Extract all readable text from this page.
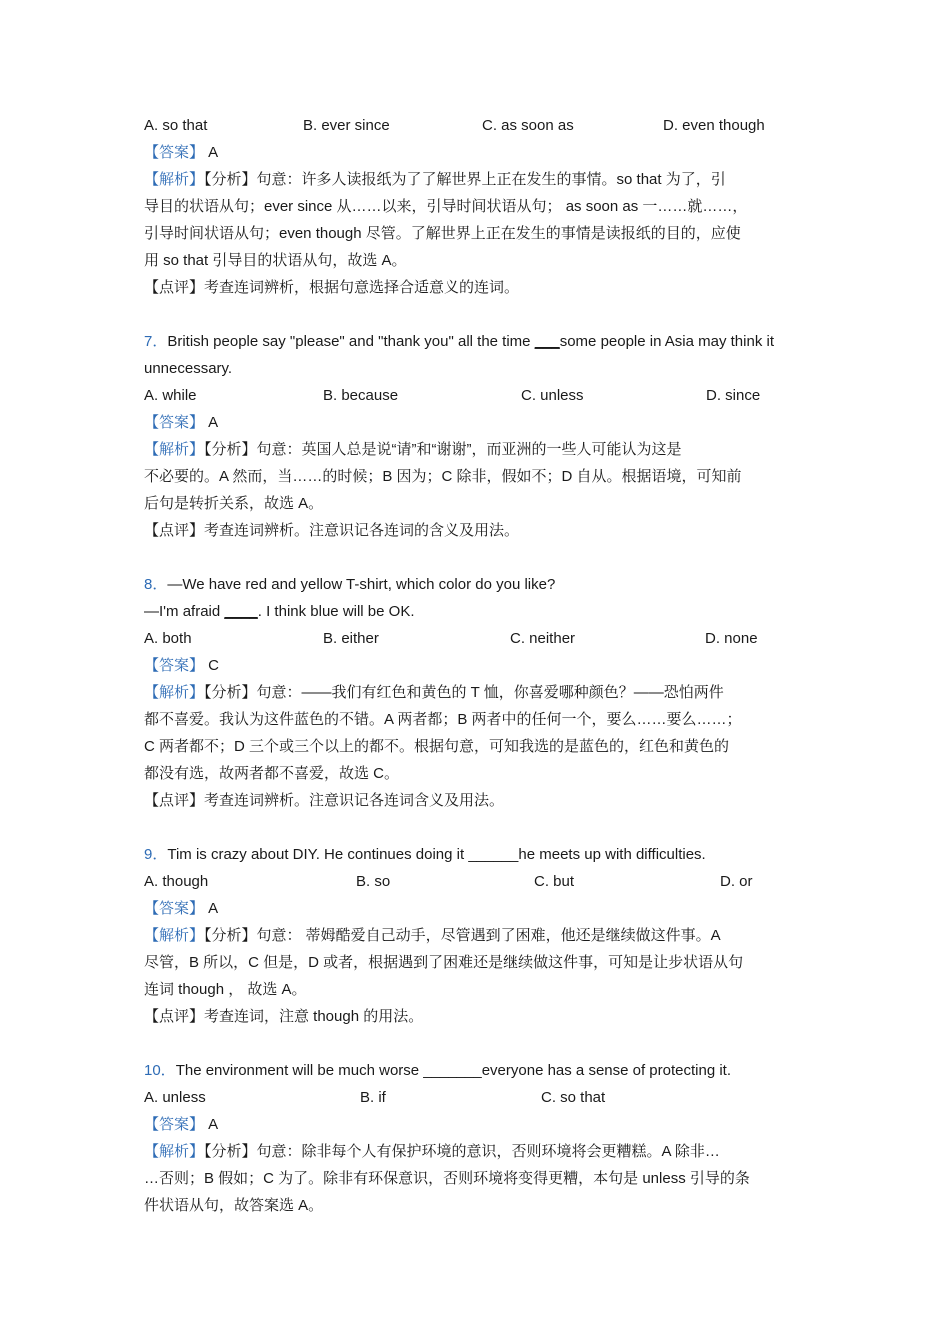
A. so that	B. ever since	C. as soon as	D. even though
【答案】 A
【解析】【分析】句意：许多人读报纸为了了解世界上正在发生的事情。so that 为了，引
导目的状语从句；ever since 从……以来，引导时间状语从句； as soon as 一……就……，
引导时间状语从句；even though 尽管。了解世界上正在发生的事情是读报纸的目的，应使
用 so that 引导目的状语从句，故选 A。
【点评】考查连词辨析，根据句意选择合适意义的连词。
7．British people say "please" and "thank you" all the time ___some people in Asia may think it
unnecessary.
A. while	B. because	C. unless	D. since
【答案】 A
【解析】【分析】句意：英国人总是说“请”和“谢谢”，而亚洲的一些人可能认为这是
不必要的。A 然而，当……的时候；B 因为；C 除非，假如不；D 自从。根据语境，可知前
后句是转折关系，故选 A。
【点评】考查连词辨析。注意识记各连词的含义及用法。
8．—We have red and yellow T-shirt, which color do you like?
—I'm afraid ____. I think blue will be OK.
A. both	B. either	C. neither	D. none
【答案】 C
【解析】【分析】句意：——我们有红色和黄色的 T 恤，你喜爱哪种颜色？——恐怕两件
都不喜爱。我认为这件蓝色的不错。A 两者都；B 两者中的任何一个，要么……要么……；
C 两者都不；D 三个或三个以上的都不。根据句意，可知我选的是蓝色的，红色和黄色的
都没有选，故两者都不喜爱，故选 C。
【点评】考查连词辨析。注意识记各连词含义及用法。
9．Tim is crazy about DIY. He continues doing it ______he meets up with difficulties.
A. though	B. so	C. but	D. or
【答案】 A
【解析】【分析】句意： 蒂姆酷爱自己动手，尽管遇到了困难，他还是继续做这件事。A
尽管，B 所以，C 但是，D 或者，根据遇到了困难还是继续做这件事，可知是让步状语从句
连词 though ， 故选 A。
【点评】考查连词，注意 though 的用法。
10．The environment will be much worse _______everyone has a sense of protecting it.
A. unless	B. if	C. so that
【答案】 A
【解析】【分析】句意：除非每个人有保护环境的意识，否则环境将会更糟糕。A 除非…
…否则；B 假如；C 为了。除非有环保意识，否则环境将变得更糟，本句是 unless 引导的条
件状语从句，故答案选 A。
